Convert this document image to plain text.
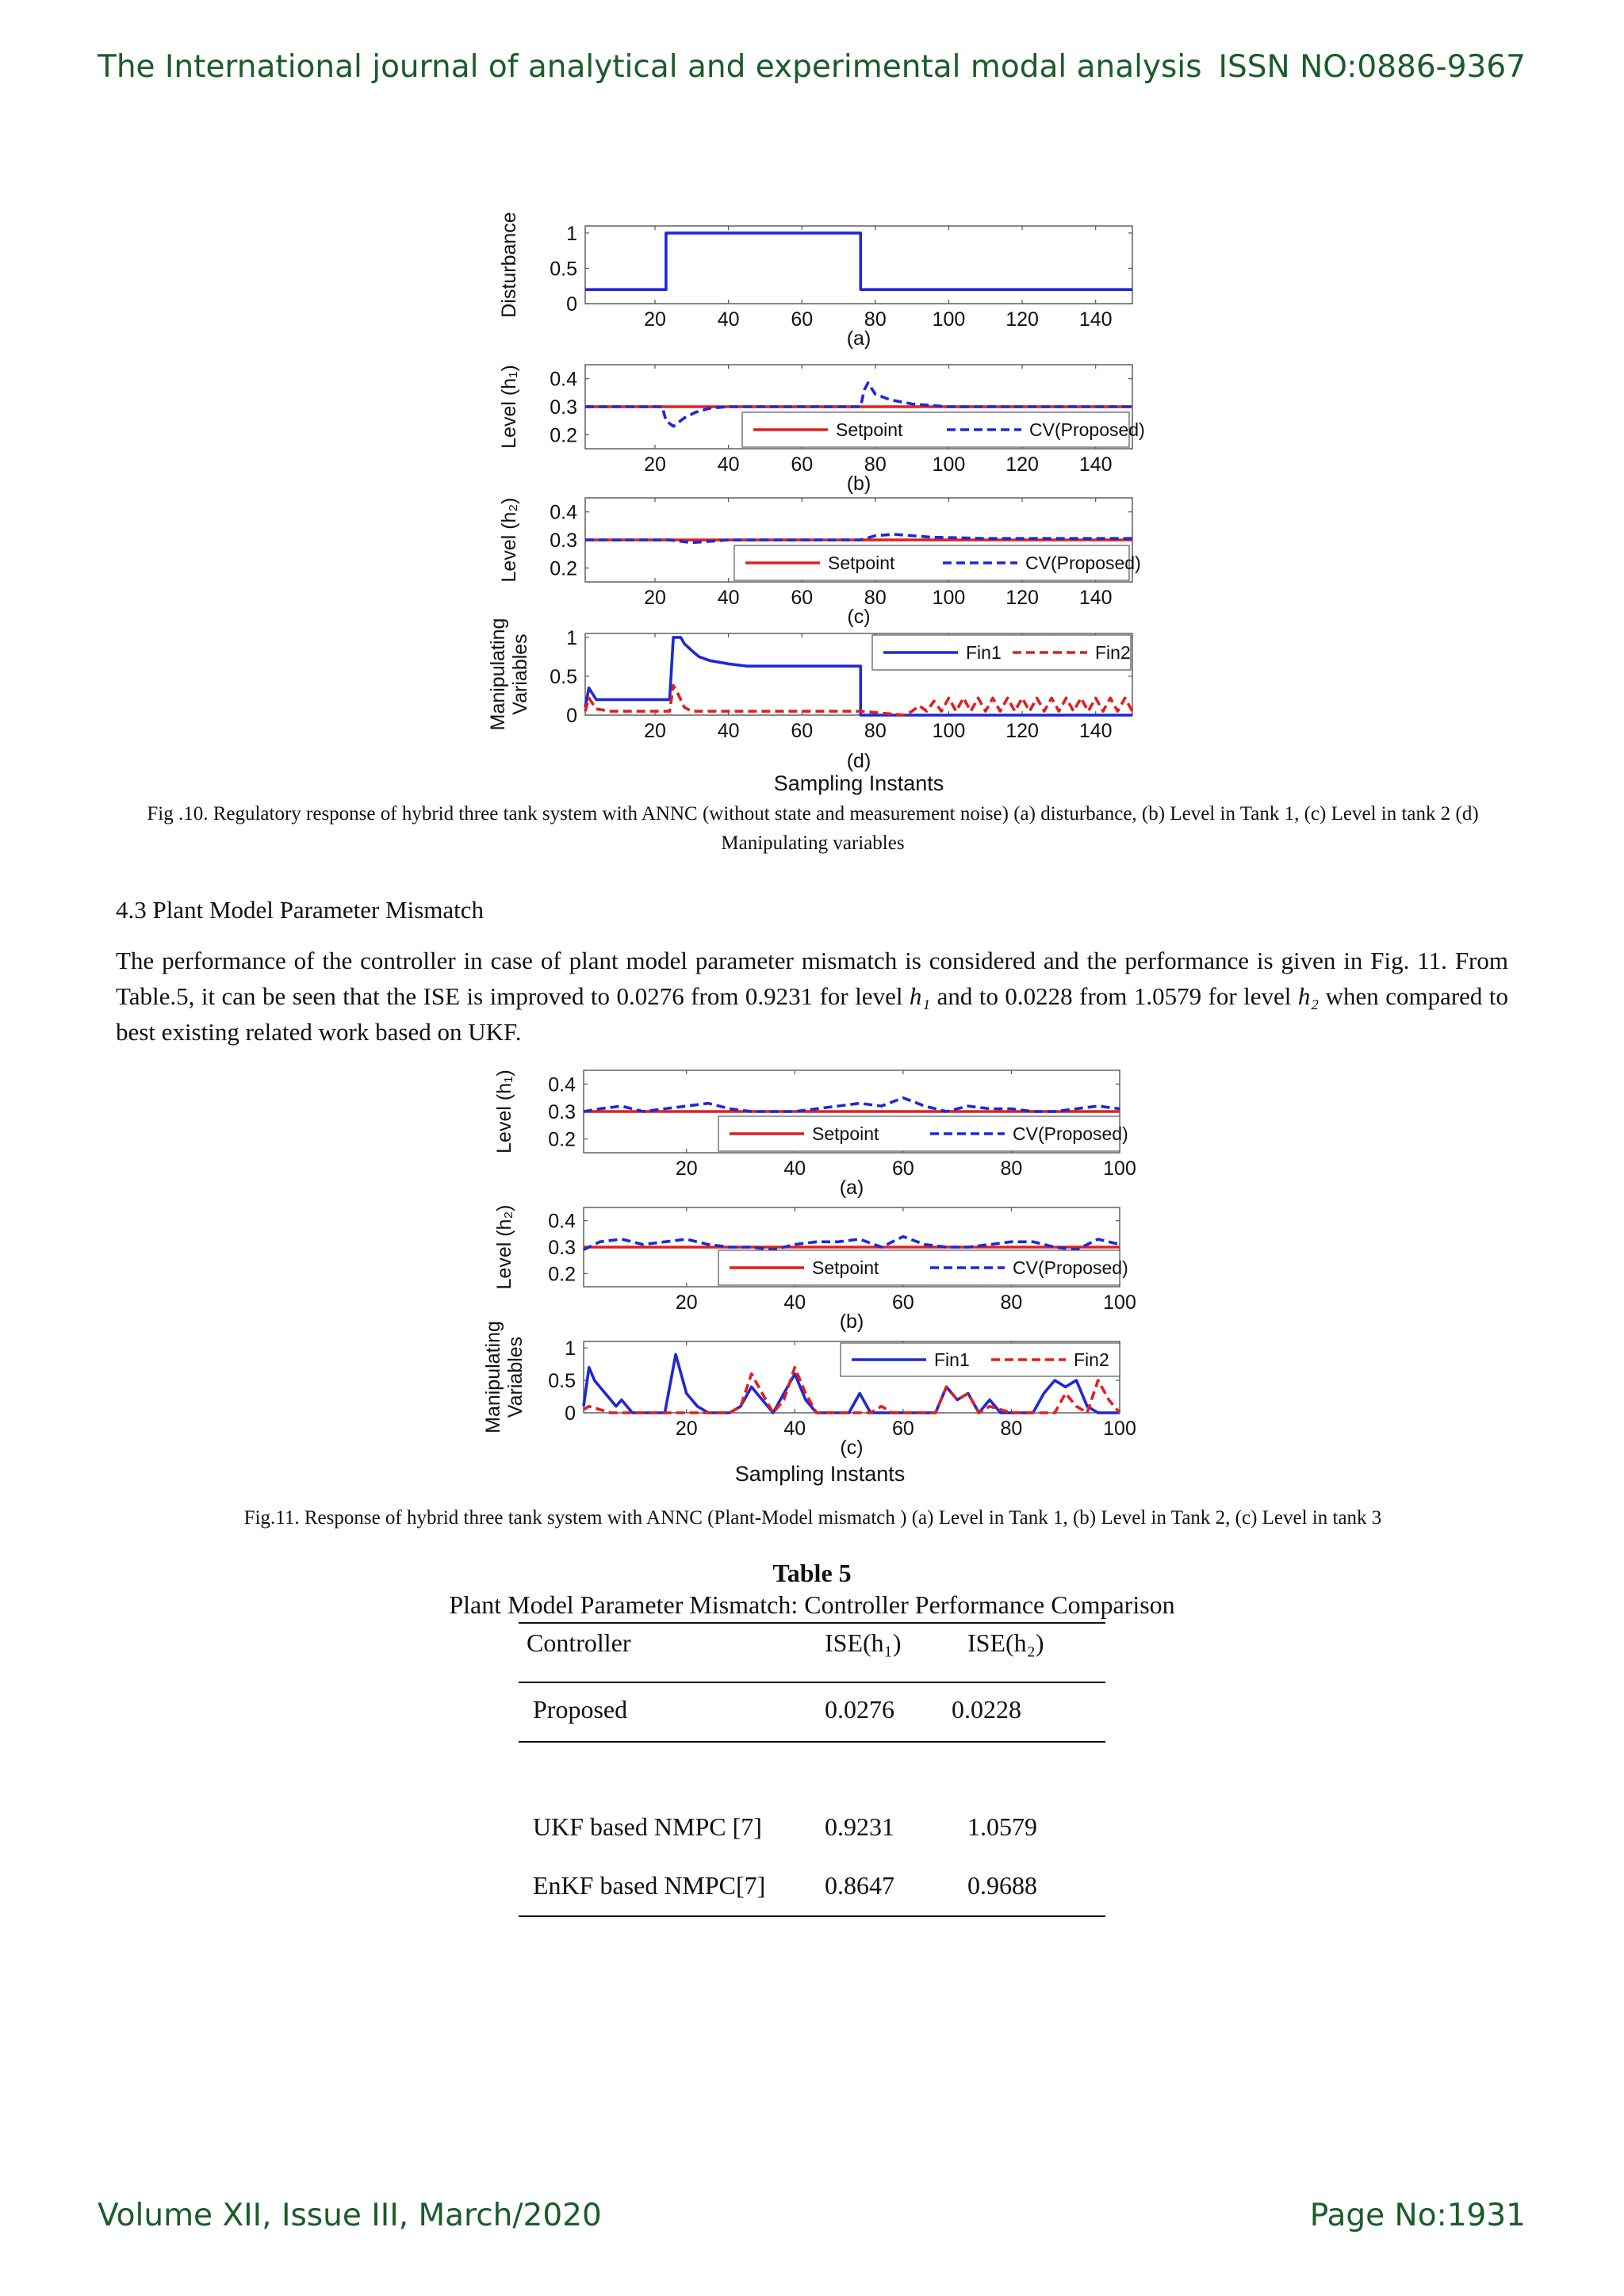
The International journal of analytical and experimental modal analysis ISSN NO:0886-9367
20	40	60	80 100 120 140
1
0.5
0
Disturbance
(a)
20	40	60	80 100 120 140
0.4
0.3
0.2
Level (h₁)	Setpoint	CV(Proposed)
(b)
20	40	60	80 100 120 140
0.4
0.3
0.2
Level (h₂)	Setpoint	CV(Proposed)
(c)
20	40	60	80 100 120 140
1
0.5
0
Manipulating Variables	Fin1	Fin2
(d)
Sampling Instants
Fig .10. Regulatory response of hybrid three tank system with ANNC (without state and measurement noise) (a) disturbance, (b) Level in Tank 1, (c) Level in tank 2 (d) Manipulating variables
4.3 Plant Model Parameter Mismatch
The performance of the controller in case of plant model parameter mismatch is considered and the performance is given in Fig. 11. From Table.5, it can be seen that the ISE is improved to 0.0276 from 0.9231 for level h₁ and to 0.0228 from 1.0579 for level h₂ when compared to best existing related work based on UKF.
20	40	60	80	100
0.4
0.3
0.2
Level (h₁)	Setpoint	CV(Proposed)
(a)
20	40	60	80	100
0.4
0.3
0.2
Level (h₂)	Setpoint	CV(Proposed)
(b)
20	40	60	80	100
1
0.5
0
Manipulating Variables	Fin1	Fin2
(c)
Sampling Instants
Fig.11. Response of hybrid three tank system with ANNC (Plant-Model mismatch ) (a) Level in Tank 1, (b) Level in Tank 2, (c) Level in tank 3
Table 5
Plant Model Parameter Mismatch: Controller Performance Comparison
Controller	ISE(h₁)	ISE(h₂)
Proposed	0.0276 0.0228
UKF based NMPC [7] 0.9231	1.0579
EnKF based NMPC[7] 0.8647	0.9688
Volume XII, Issue III, March/2020	Page No:1931
